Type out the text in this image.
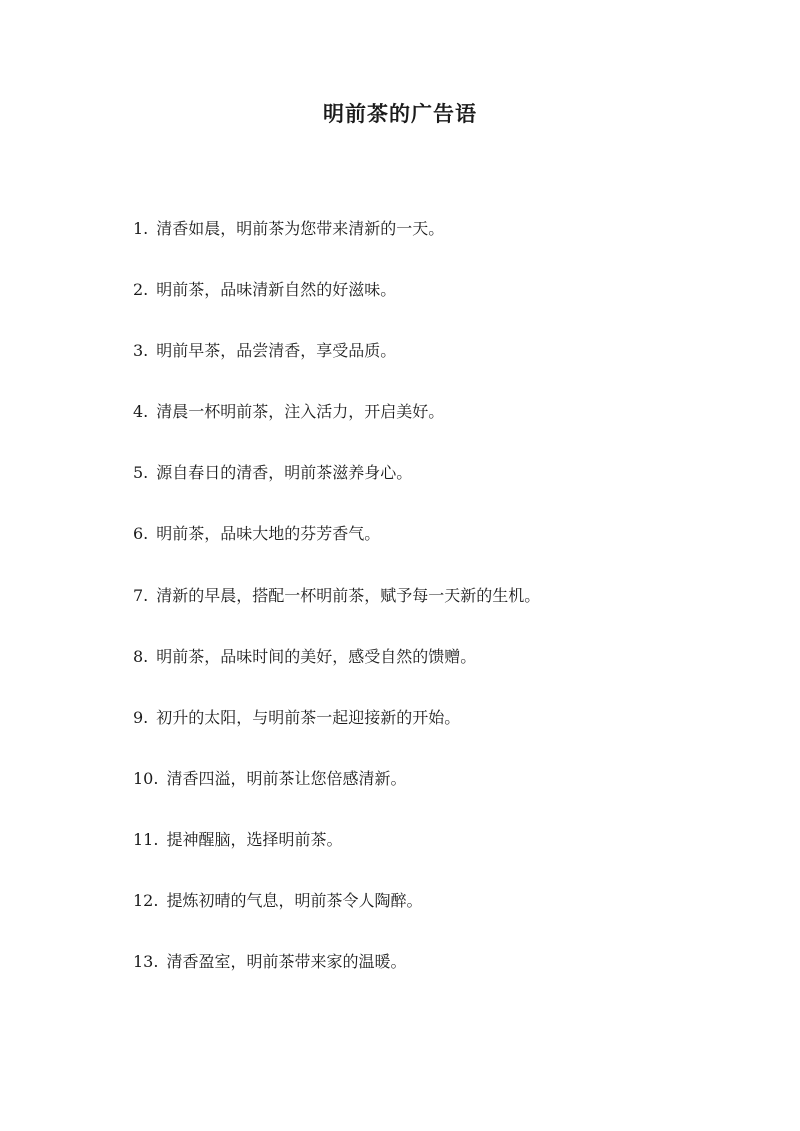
明前茶的广告语
1. 清香如晨，明前茶为您带来清新的一天。
2. 明前茶，品味清新自然的好滋味。
3. 明前早茶，品尝清香，享受品质。
4. 清晨一杯明前茶，注入活力，开启美好。
5. 源自春日的清香，明前茶滋养身心。
6. 明前茶，品味大地的芬芳香气。
7. 清新的早晨，搭配一杯明前茶，赋予每一天新的生机。
8. 明前茶，品味时间的美好，感受自然的馈赠。
9. 初升的太阳，与明前茶一起迎接新的开始。
10. 清香四溢，明前茶让您倍感清新。
11. 提神醒脑，选择明前茶。
12. 提炼初晴的气息，明前茶令人陶醉。
13. 清香盈室，明前茶带来家的温暖。
